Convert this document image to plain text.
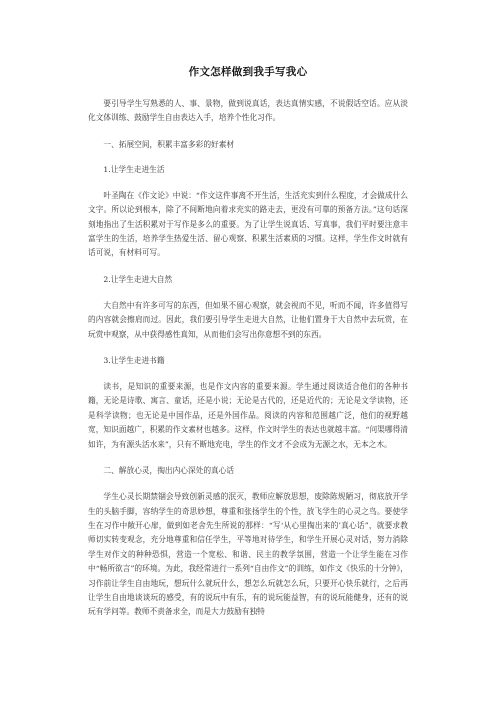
作文怎样做到我手写我心
要引导学生写熟悉的人、事、景物，做到说真话，表达真情实感，不说假话空话。应从淡化文体训练、鼓励学生自由表达入手，培养个性化习作。
一、拓展空间，积累丰富多彩的好素材
1.让学生走进生活
叶圣陶在《作文论》中说：“作文这件事离不开生活，生活充实到什么程度，才会做成什么文字。所以论到根本，除了不间断地向着求充实的路走去，更没有可靠的预备方法。”这句话深刻地指出了生活积累对于写作是多么的重要。为了让学生说真话、写真事，我们平时要注意丰富学生的生活，培养学生热爱生活、留心观察、积累生活素质的习惯。这样，学生作文时就有话可说，有材料可写。
2.让学生走进大自然
大自然中有许多可写的东西，但如果不留心观察，就会视而不见，听而不闻，许多值得写的内容就会擦肩而过。因此，我们要引导学生走进大自然，让他们置身于大自然中去玩赏，在玩赏中观察，从中获得感性真知，从而他们会写出你意想不到的东西。
3.让学生走进书籍
读书，是知识的重要来源，也是作文内容的重要来源。学生通过阅读适合他们的各种书籍，无论是诗歌、寓言、童话，还是小说；无论是古代的，还是近代的；无论是文学读物，还是科学读物；也无论是中国作品，还是外国作品。阅读的内容和范围越广泛，他们的视野越宽，知识面越广，积累的作文素材也越多。这样，作文时学生的表达也就越丰富。“问渠哪得清如许，为有源头活水来”，只有不断地充电，学生的作文才不会成为无源之水，无本之木。
二、解放心灵，掏出内心深处的真心话
学生心灵长期禁锢会导致创新灵感的泯灭，教师应解放思想，废除陈规陋习，彻底放开学生的头脑手脚，容纳学生的奇思妙想，尊重和张扬学生的个性，放飞学生的心灵之鸟。要使学生在习作中敞开心扉，做到如老舍先生所说的那样：“写‘从心里掏出来的’真心话”，就要求教师切实转变观念，充分地尊重和信任学生，平等地对待学生，和学生开展心灵对话，努力消除学生对作文的种种恐惧，营造一个宽松、和谐、民主的教学氛围，营造一个让学生能在习作中“畅所欲言”的环境。为此，我经常进行一系列“自由作文”的训练，如作文《快乐的十分钟》，习作前让学生自由地玩，想玩什么就玩什么，想怎么玩就怎么玩，只要开心快乐就行，之后再让学生自由地谈谈玩的感受，有的说玩中有乐，有的说玩能益智，有的说玩能健身，还有的说玩有学问等。教师不责备求全，而是大力鼓励有独特
